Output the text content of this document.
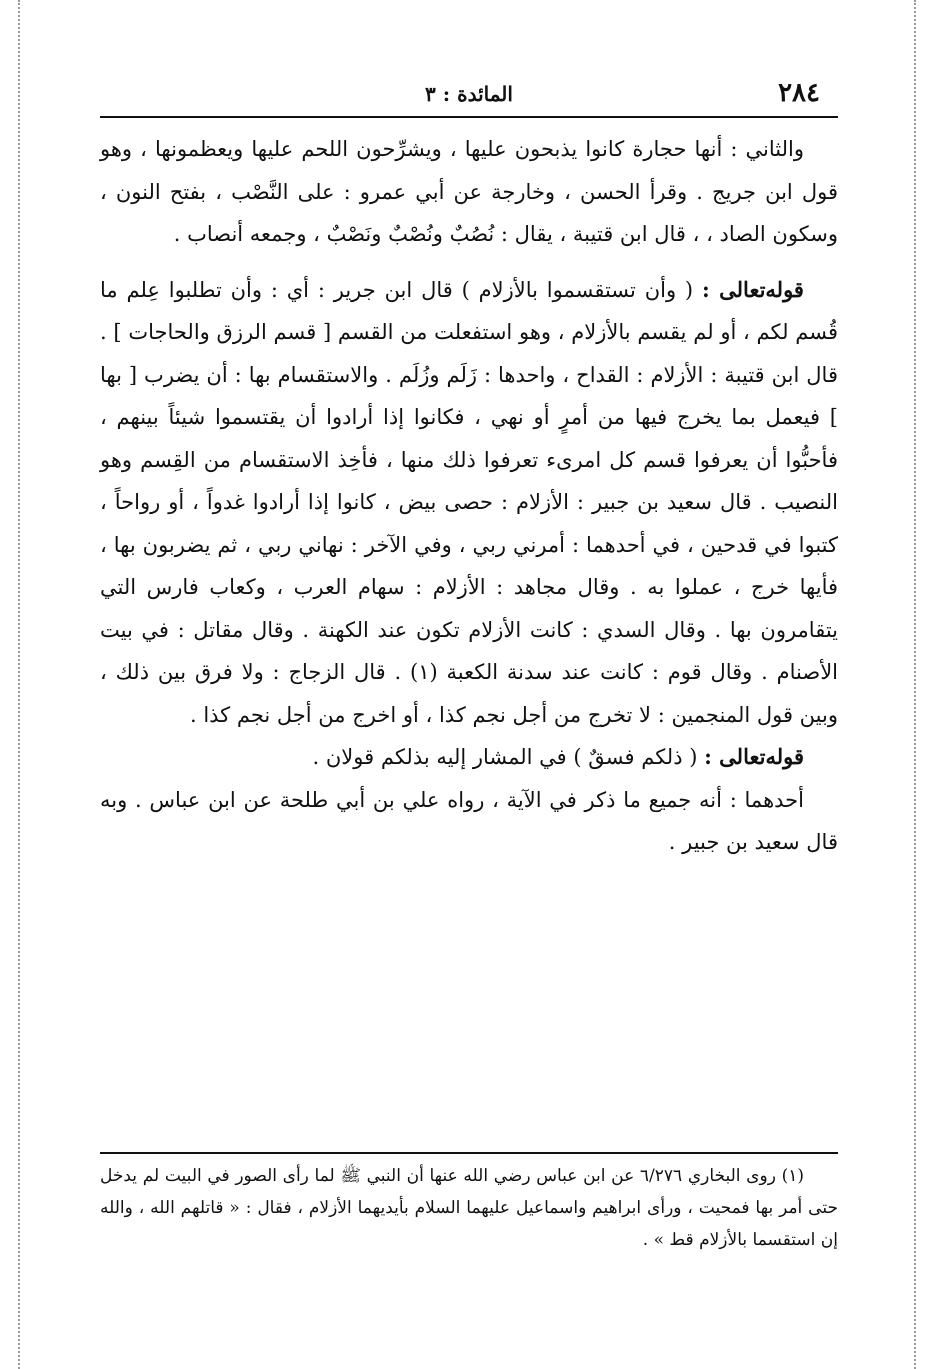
٢٨٤
المائدة : ٣

والثاني : أنها حجارة كانوا يذبحون عليها ، ويشرِّحون اللحم عليها ويعظمونها ، وهو قول ابن جريج . وقرأ الحسن ، وخارجة عن أبي عمرو : على النَّصْب ، بفتح النون ، وسكون الصاد ، ، قال ابن قتيبة ، يقال : نُصُبٌ ونُصْبٌ ونَصْبٌ ، وجمعه أنصاب .

قوله‌تعالى : ( وأن تستقسموا بالأزلام ) قال ابن جرير : أي : وأن تطلبوا عِلم ما قُسم لكم ، أو لم يقسم بالأزلام ، وهو استفعلت من القسم [ قسم الرزق والحاجات ] . قال ابن قتيبة : الأزلام : القداح ، واحدها : زَلَم وزُلَم . والاستقسام بها : أن يضرب [ بها ] فيعمل بما يخرج فيها من أمرٍ أو نهي ، فكانوا إذا أرادوا أن يقتسموا شيئاً بينهم ، فأحبُّوا أن يعرفوا قسم كل امرىء تعرفوا ذلك منها ، فأخِذ الاستقسام من القِسم وهو النصيب . قال سعيد بن جبير : الأزلام : حصى بيض ، كانوا إذا أرادوا غدواً ، أو رواحاً ، كتبوا في قدحين ، في أحدهما : أمرني ربي ، وفي الآخر : نهاني ربي ، ثم يضربون بها ، فأيها خرج ، عملوا به . وقال مجاهد : الأزلام : سهام العرب ، وكعاب فارس التي يتقامرون بها . وقال السدي : كانت الأزلام تكون عند الكهنة . وقال مقاتل : في بيت الأصنام . وقال قوم : كانت عند سدنة الكعبة (١) . قال الزجاج : ولا فرق بين ذلك ، وبين قول المنجمين : لا تخرج من أجل نجم كذا ، أو اخرج من أجل نجم كذا .

قوله‌تعالى : ( ذلكم فسقٌ ) في المشار إليه بذلكم قولان .

أحدهما : أنه جميع ما ذكر في الآية ، رواه علي بن أبي طلحة عن ابن عباس . وبه قال سعيد بن جبير .

(١) روى البخاري ٦/٢٧٦ عن ابن عباس رضي الله عنها أن النبي ﷺ لما رأى الصور في البيت لم يدخل حتى أمر بها فمحيت ، ورأى ابراهيم واسماعيل عليهما السلام بأيديهما الأزلام ، فقال : « قاتلهم الله ، والله إن استقسما بالأزلام قط » .
